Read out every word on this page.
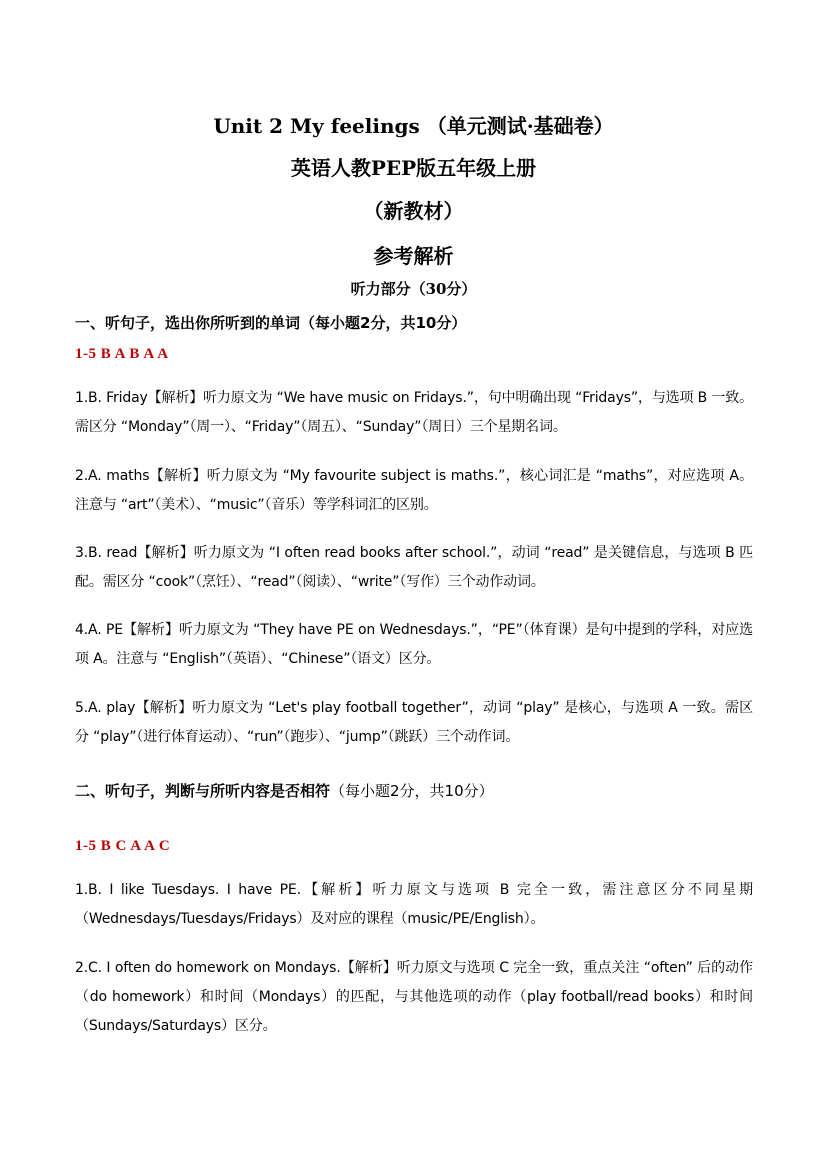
Unit 2 My feelings （单元测试·基础卷）
英语人教PEP版五年级上册
（新教材）
参考解析
听力部分（30分）
一、听句子，选出你所听到的单词（每小题2分，共10分）
1-5 B A B A A
1.B. Friday【解析】听力原文为 “We have music on Fridays.”，句中明确出现 “Fridays”，与选项 B 一致。需区分 “Monday”（周一）、“Friday”（周五）、“Sunday”（周日）三个星期名词。
2.A. maths【解析】听力原文为 “My favourite subject is maths.”，核心词汇是 “maths”，对应选项 A。注意与 “art”（美术）、“music”（音乐）等学科词汇的区别。
3.B. read【解析】听力原文为 “I often read books after school.”，动词 “read” 是关键信息，与选项 B 匹配。需区分 “cook”（烹饪）、“read”（阅读）、“write”（写作）三个动作动词。
4.A. PE【解析】听力原文为 “They have PE on Wednesdays.”，“PE”（体育课）是句中提到的学科，对应选项 A。注意与 “English”（英语）、“Chinese”（语文）区分。
5.A. play【解析】听力原文为 “Let's play football together”，动词 “play” 是核心，与选项 A 一致。需区分 “play”（进行体育运动）、“run”（跑步）、“jump”（跳跃）三个动作词。
二、听句子，判断与所听内容是否相符（每小题2分，共10分）
1-5 B C A A C
1.B. I like Tuesdays. I have PE.【解析】听力原文与选项 B 完全一致，需注意区分不同星期（Wednesdays/Tuesdays/Fridays）及对应的课程（music/PE/English）。
2.C. I often do homework on Mondays.【解析】听力原文与选项 C 完全一致，重点关注 “often” 后的动作（do homework）和时间（Mondays）的匹配，与其他选项的动作（play football/read books）和时间（Sundays/Saturdays）区分。
